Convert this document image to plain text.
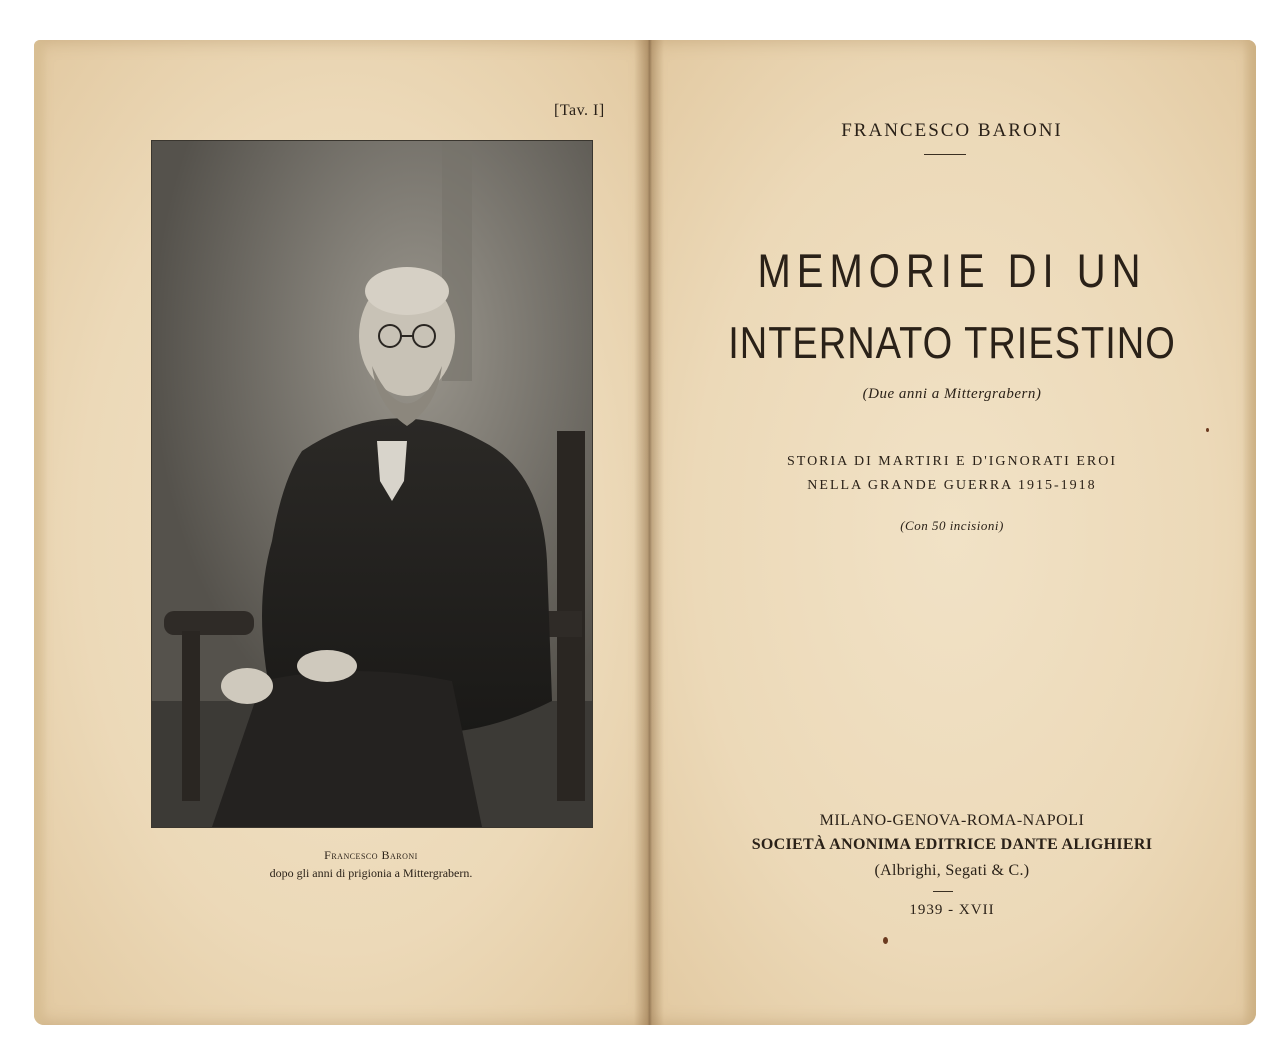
[Tav. I]
Francesco Baroni
dopo gli anni di prigionia a Mittergrabern.
FRANCESCO BARONI
MEMORIE DI UN
INTERNATO TRIESTINO
(Due anni a Mittergrabern)
STORIA DI MARTIRI E D'IGNORATI EROI
NELLA GRANDE GUERRA 1915-1918
(Con 50 incisioni)
MILANO-GENOVA-ROMA-NAPOLI
SOCIETÀ ANONIMA EDITRICE DANTE ALIGHIERI
(Albrighi, Segati & C.)
1939 - XVII
